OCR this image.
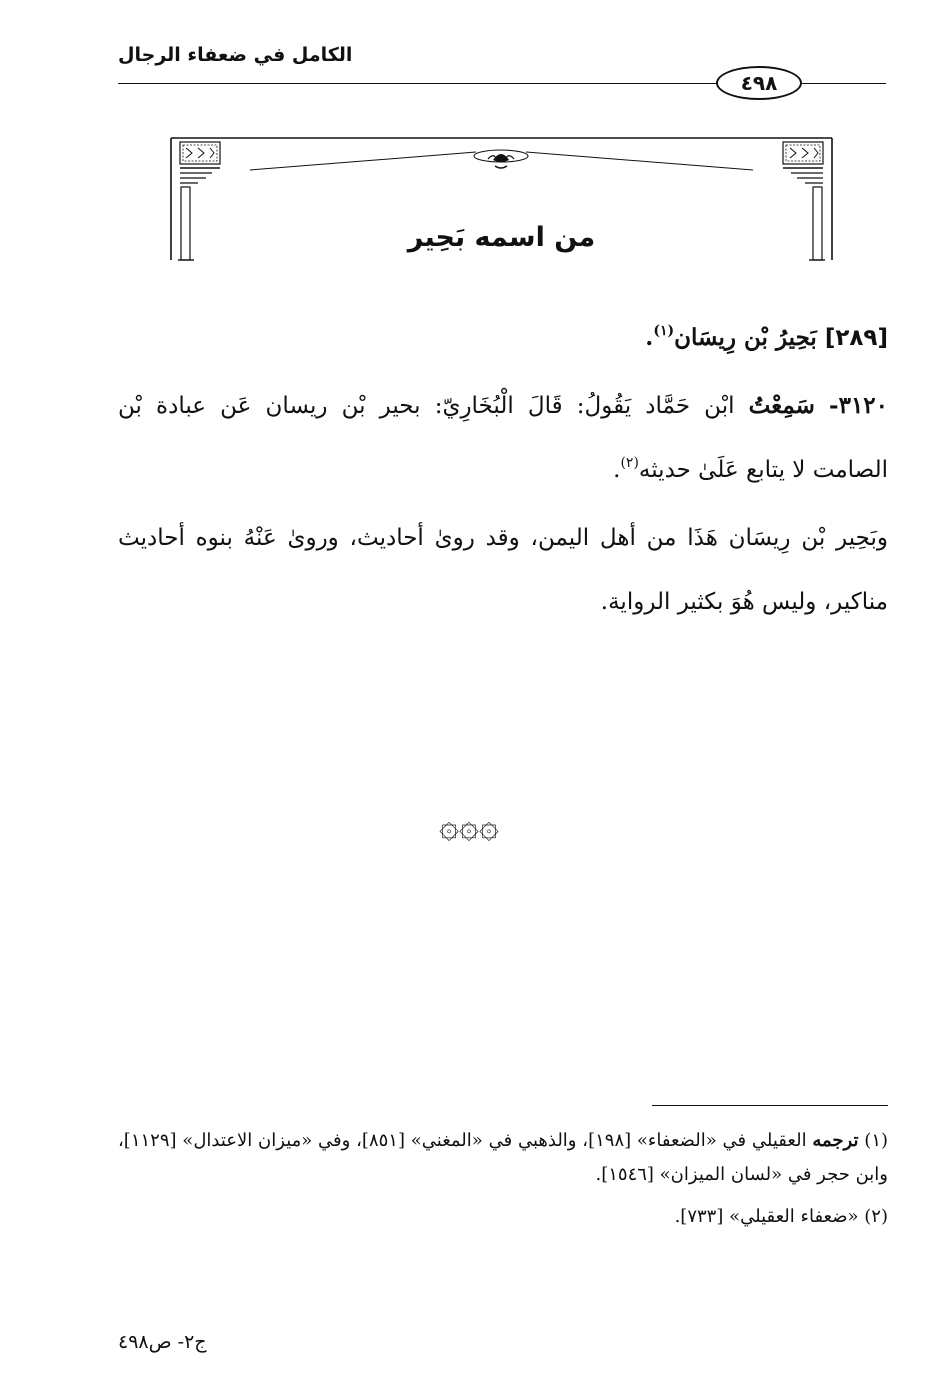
الكامل في ضعفاء الرجال
٤٩٨
من اسمه بَحِير

[٢٨٩] بَحِيرُ بْن رِيسَان$^{(١)}$.

٣١٢٠- سَمِعْتُ ابْن حَمَّاد يَقُولُ: قَالَ الْبُخَارِيّ: بحير بْن ريسان عَن عبادة بْن الصامت لا يتابع عَلَىٰ حديثه$^{(٢)}$.

وبَحِير بْن رِيسَان هَذَا من أهل اليمن، وقد روىٰ أحاديث، وروىٰ عَنْهُ بنوه أحاديث مناكير، وليس هُوَ بكثير الرواية.

۞۞۞

(١) ترجمه العقيلي في «الضعفاء» [١٩٨]، والذهبي في «المغني» [٨٥١]، وفي «ميزان الاعتدال» [١١٢٩]، وابن حجر في «لسان الميزان» [١٥٤٦].

(٢) «ضعفاء العقيلي» [٧٣٣].

ج٢- ص٤٩٨
